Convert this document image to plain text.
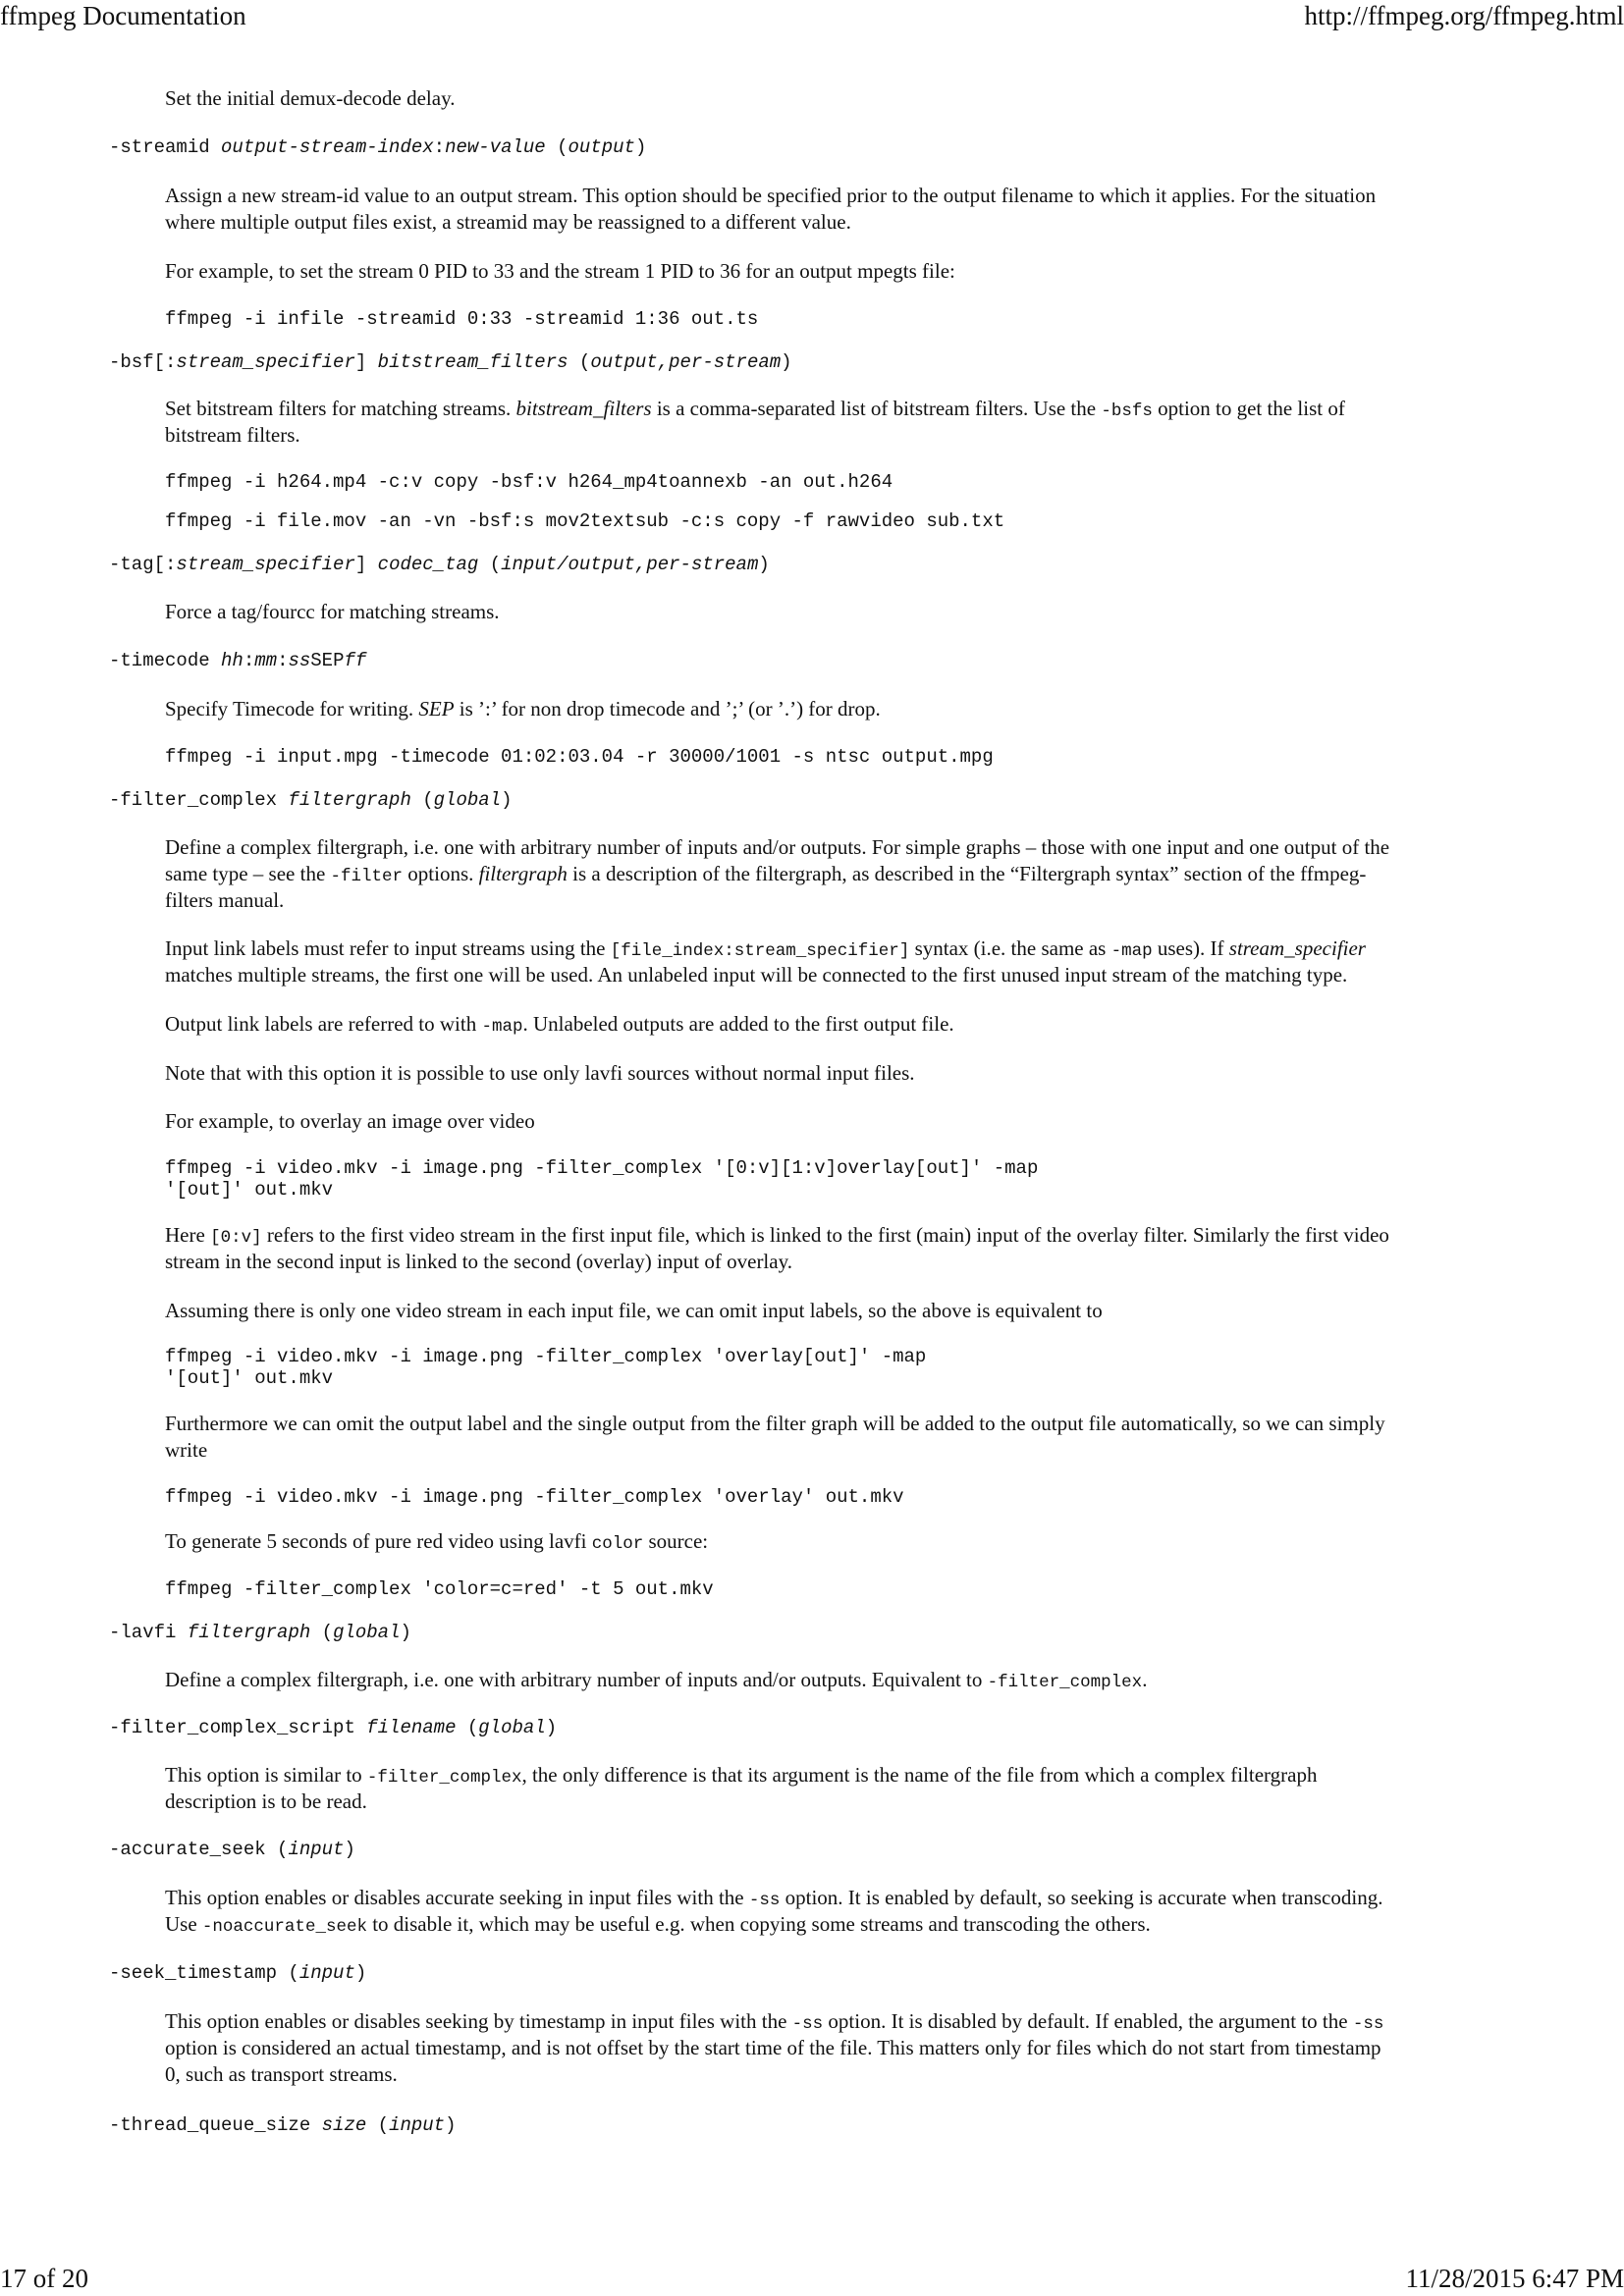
ffmpeg Documentation	http://ffmpeg.org/ffmpeg.html
Set the initial demux-decode delay.
-streamid output-stream-index:new-value (output)
Assign a new stream-id value to an output stream. This option should be specified prior to the output filename to which it applies. For the situation
where multiple output files exist, a streamid may be reassigned to a different value.
For example, to set the stream 0 PID to 33 and the stream 1 PID to 36 for an output mpegts file:
ffmpeg -i infile -streamid 0:33 -streamid 1:36 out.ts
-bsf[:stream_specifier] bitstream_filters (output,per-stream)
Set bitstream filters for matching streams. bitstream_filters is a comma-separated list of bitstream filters. Use the -bsfs option to get the list of
bitstream filters.
ffmpeg -i h264.mp4 -c:v copy -bsf:v h264_mp4toannexb -an out.h264
ffmpeg -i file.mov -an -vn -bsf:s mov2textsub -c:s copy -f rawvideo sub.txt
-tag[:stream_specifier] codec_tag (input/output,per-stream)
Force a tag/fourcc for matching streams.
-timecode hh:mm:ssSEPff
Specify Timecode for writing. SEP is ’:’ for non drop timecode and ’;’ (or ’.’) for drop.
ffmpeg -i input.mpg -timecode 01:02:03.04 -r 30000/1001 -s ntsc output.mpg
-filter_complex filtergraph (global)
Define a complex filtergraph, i.e. one with arbitrary number of inputs and/or outputs. For simple graphs – those with one input and one output of the
same type – see the -filter options. filtergraph is a description of the filtergraph, as described in the “Filtergraph syntax” section of the ffmpeg-
filters manual.
Input link labels must refer to input streams using the [file_index:stream_specifier] syntax (i.e. the same as -map uses). If stream_specifier
matches multiple streams, the first one will be used. An unlabeled input will be connected to the first unused input stream of the matching type.
Output link labels are referred to with -map. Unlabeled outputs are added to the first output file.
Note that with this option it is possible to use only lavfi sources without normal input files.
For example, to overlay an image over video
ffmpeg -i video.mkv -i image.png -filter_complex '[0:v][1:v]overlay[out]' -map
'[out]' out.mkv
Here [0:v] refers to the first video stream in the first input file, which is linked to the first (main) input of the overlay filter. Similarly the first video
stream in the second input is linked to the second (overlay) input of overlay.
Assuming there is only one video stream in each input file, we can omit input labels, so the above is equivalent to
ffmpeg -i video.mkv -i image.png -filter_complex 'overlay[out]' -map
'[out]' out.mkv
Furthermore we can omit the output label and the single output from the filter graph will be added to the output file automatically, so we can simply
write
ffmpeg -i video.mkv -i image.png -filter_complex 'overlay' out.mkv
To generate 5 seconds of pure red video using lavfi color source:
ffmpeg -filter_complex 'color=c=red' -t 5 out.mkv
-lavfi filtergraph (global)
Define a complex filtergraph, i.e. one with arbitrary number of inputs and/or outputs. Equivalent to -filter_complex.
-filter_complex_script filename (global)
This option is similar to -filter_complex, the only difference is that its argument is the name of the file from which a complex filtergraph
description is to be read.
-accurate_seek (input)
This option enables or disables accurate seeking in input files with the -ss option. It is enabled by default, so seeking is accurate when transcoding.
Use -noaccurate_seek to disable it, which may be useful e.g. when copying some streams and transcoding the others.
-seek_timestamp (input)
This option enables or disables seeking by timestamp in input files with the -ss option. It is disabled by default. If enabled, the argument to the -ss
option is considered an actual timestamp, and is not offset by the start time of the file. This matters only for files which do not start from timestamp
0, such as transport streams.
-thread_queue_size size (input)
17 of 20	11/28/2015 6:47 PM
